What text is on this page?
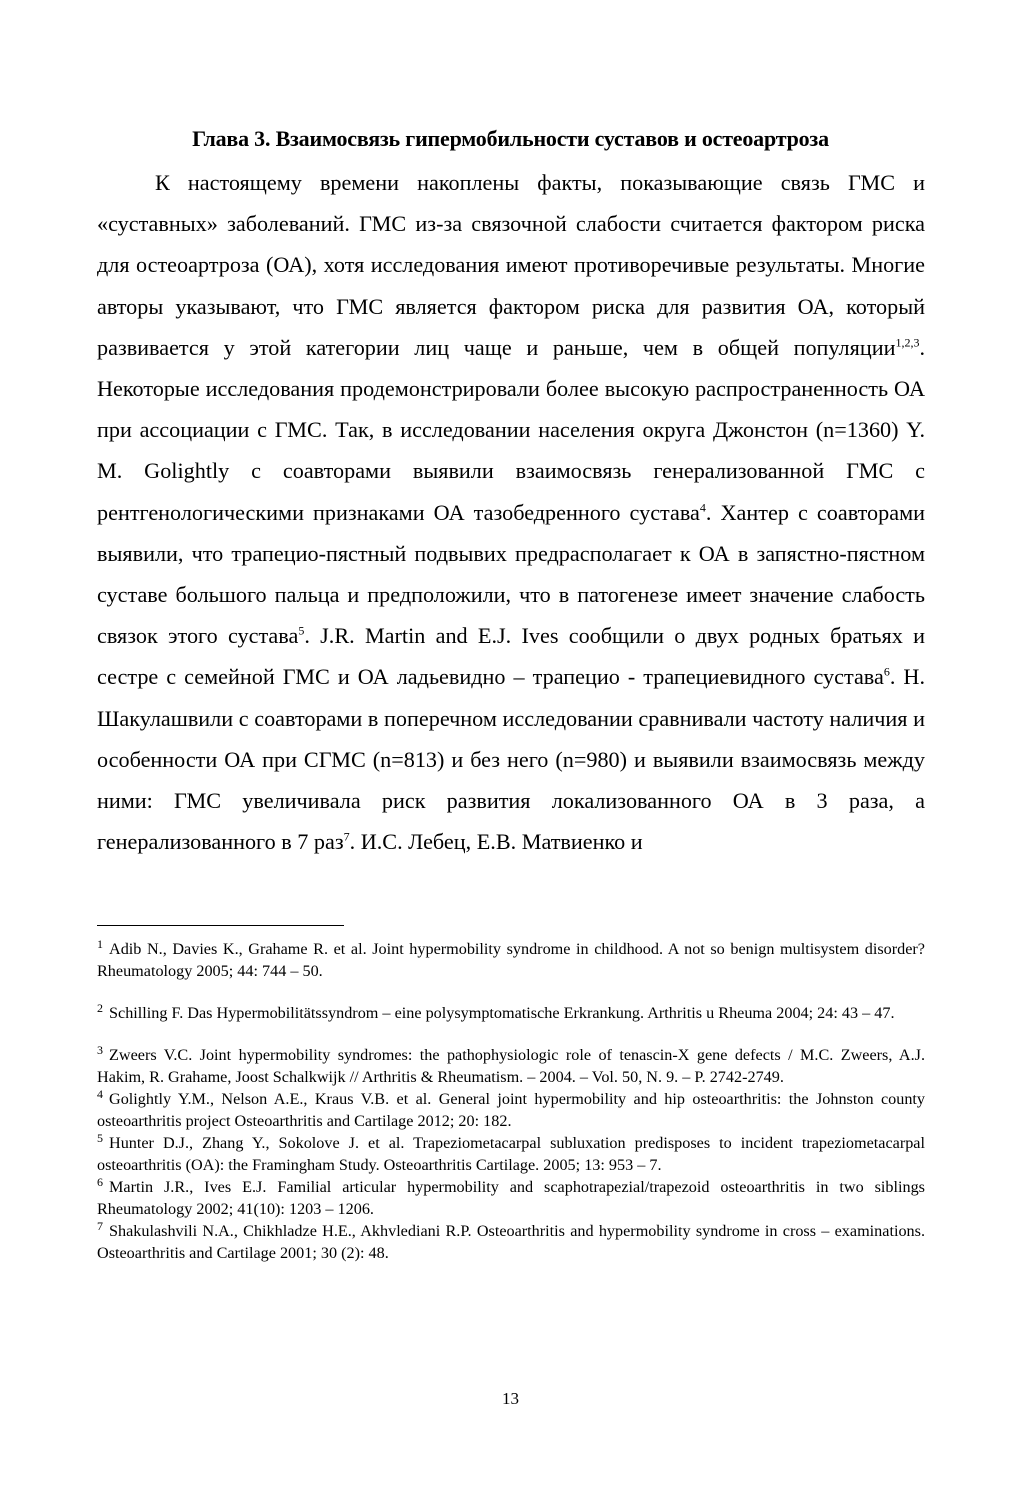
Глава 3. Взаимосвязь гипермобильности суставов и остеоартроза

К настоящему времени накоплены факты, показывающие связь ГМС и «суставных» заболеваний. ГМС из-за связочной слабости считается фактором риска для остеоартроза (ОА), хотя исследования имеют противоречивые результаты. Многие авторы указывают, что ГМС является фактором риска для развития ОА, который развивается у этой категории лиц чаще и раньше, чем в общей популяции$^{1,2,3}$. Некоторые исследования продемонстрировали более высокую распространенность ОА при ассоциации с ГМС. Так, в исследовании населения округа Джонстон (n=1360) Y. M. Golightly с соавторами выявили взаимосвязь генерализованной ГМС с рентгенологическими признаками ОА тазобедренного сустава$^4$. Хантер с соавторами выявили, что трапецио-пястный подвывих предрасполагает к ОА в запястно-пястном суставе большого пальца и предположили, что в патогенезе имеет значение слабость связок этого сустава$^5$. J.R. Martin and E.J. Ives сообщили о двух родных братьях и сестре с семейной ГМС и ОА ладьевидно – трапецио - трапециевидного сустава$^6$. Н. Шакулашвили с соавторами в поперечном исследовании сравнивали частоту наличия и особенности ОА при СГМС (n=813) и без него (n=980) и выявили взаимосвязь между ними: ГМС увеличивала риск развития локализованного ОА в 3 раза, а генерализованного в 7 раз$^7$. И.С. Лебец, Е.В. Матвиенко и

$^1$ Adib N., Davies K., Grahame R. et al. Joint hypermobility syndrome in childhood. A not so benign multisystem disorder? Rheumatology 2005; 44: 744 – 50.

$^2$ Schilling F. Das Hypermobilitätssyndrom – eine polysymptomatische Erkrankung. Arthritis u Rheuma 2004; 24: 43 – 47.

$^3$ Zweers V.C. Joint hypermobility syndromes: the pathophysiologic role of tenascin-X gene defects / M.C. Zweers, A.J. Hakim, R. Grahame, Joost Schalkwijk // Arthritis & Rheumatism. – 2004. – Vol. 50, N. 9. – P. 2742-2749.

$^4$ Golightly Y.M., Nelson A.E., Kraus V.B. et al. General joint hypermobility and hip osteoarthritis: the Johnston county osteoarthritis project Osteoarthritis and Cartilage 2012; 20: 182.

$^5$ Hunter D.J., Zhang Y., Sokolove J. et al. Trapeziometacarpal subluxation predisposes to incident trapeziometacarpal osteoarthritis (OA): the Framingham Study. Osteoarthritis Cartilage. 2005; 13: 953 – 7.

$^6$ Martin J.R., Ives E.J. Familial articular hypermobility and scaphotrapezial/trapezoid osteoarthritis in two siblings Rheumatology 2002; 41(10): 1203 – 1206.

$^7$ Shakulashvili N.A., Chikhladze H.E., Akhvlediani R.P. Osteoarthritis and hypermobility syndrome in cross – examinations. Osteoarthritis and Cartilage 2001; 30 (2): 48.

13
